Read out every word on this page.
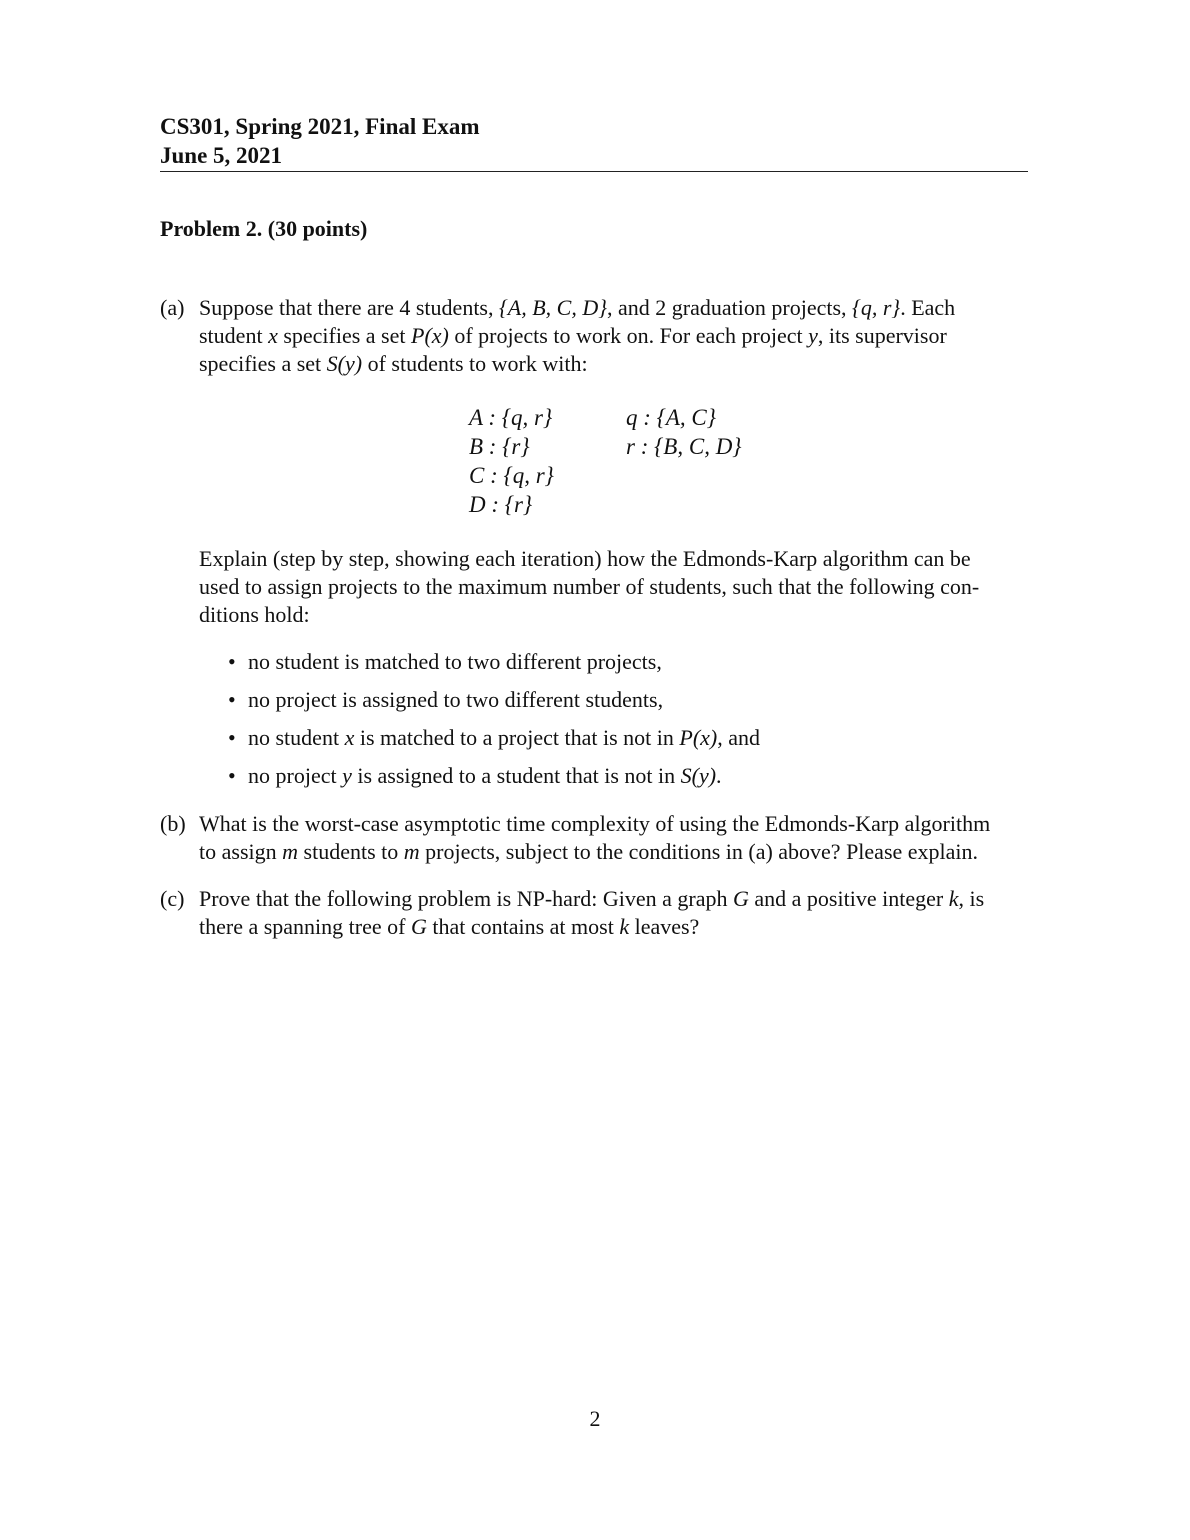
CS301, Spring 2021, Final Exam
June 5, 2021
Problem 2. (30 points)
(a) Suppose that there are 4 students, {A, B, C, D}, and 2 graduation projects, {q, r}. Each
student x specifies a set P(x) of projects to work on. For each project y, its supervisor
specifies a set S(y) of students to work with:
A : {q, r}
B : {r}
C : {q, r}
D : {r}
q : {A, C}
r : {B, C, D}
Explain (step by step, showing each iteration) how the Edmonds-Karp algorithm can be
used to assign projects to the maximum number of students, such that the following con-
ditions hold:
• no student is matched to two different projects,
• no project is assigned to two different students,
• no student x is matched to a project that is not in P(x), and
• no project y is assigned to a student that is not in S(y).
(b) What is the worst-case asymptotic time complexity of using the Edmonds-Karp algorithm
to assign m students to m projects, subject to the conditions in (a) above? Please explain.
(c) Prove that the following problem is NP-hard: Given a graph G and a positive integer k, is
there a spanning tree of G that contains at most k leaves?
2
